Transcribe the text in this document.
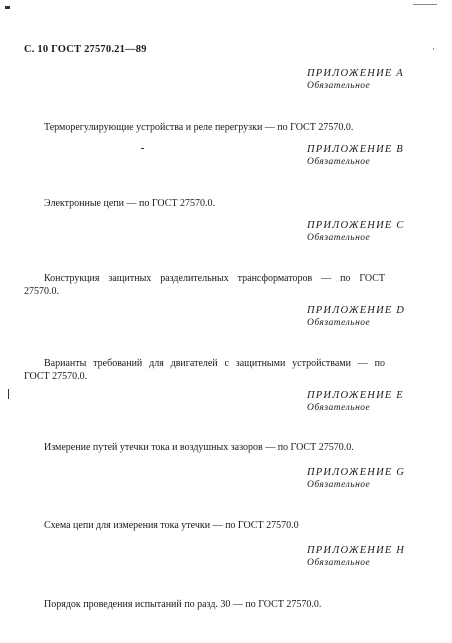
С. 10 ГОСТ 27570.21—89
ПРИЛОЖЕНИЕ А
Обязательное
Терморегулирующие устройства и реле перегрузки — по ГОСТ 27570.0.
ПРИЛОЖЕНИЕ В
Обязательное
Электронные цепи — по ГОСТ 27570.0.
ПРИЛОЖЕНИЕ С
Обязательное
Конструкция защитных разделительных трансформаторов — по ГОСТ
27570.0.
ПРИЛОЖЕНИЕ D
Обязательное
Варианты требований для двигателей с защитными устройствами — по
ГОСТ 27570.0.
ПРИЛОЖЕНИЕ Е
Обязательное
Измерение путей утечки тока и воздушных зазоров — по ГОСТ 27570.0.
ПРИЛОЖЕНИЕ G
Обязательное
Схема цепи для измерения тока утечки — по ГОСТ 27570.0
ПРИЛОЖЕНИЕ Н
Обязательное
Порядок проведения испытаний по разд. 30 — по ГОСТ 27570.0.
